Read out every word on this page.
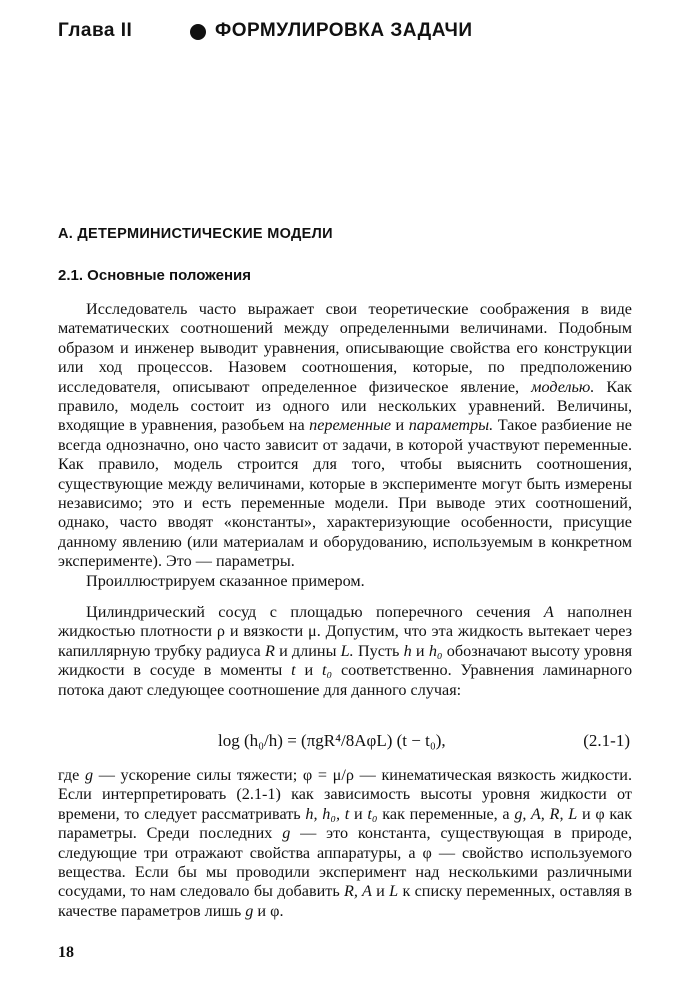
Глава II	ФОРМУЛИРОВКА ЗАДАЧИ
А. ДЕТЕРМИНИСТИЧЕСКИЕ МОДЕЛИ
2.1. Основные положения

Исследователь часто выражает свои теоретические соображения в виде математических соотношений между определенными величинами. Подобным образом и инженер выводит уравнения, описывающие свойства его конструкции или ход процессов. Назовем соотношения, которые, по предположению исследователя, описывают определенное физическое явление, моделью. Как правило, модель состоит из одного или нескольких уравнений. Величины, входящие в уравнения, разобьем на переменные и параметры. Такое разбиение не всегда однозначно, оно часто зависит от задачи, в которой участвуют переменные. Как правило, модель строится для того, чтобы выяснить соотношения, существующие между величинами, которые в эксперименте могут быть измерены независимо; это и есть переменные модели. При выводе этих соотношений, однако, часто вводят «константы», характеризующие особенности, присущие данному явлению (или материалам и оборудованию, используемым в конкретном эксперименте). Это — параметры.

Проиллюстрируем сказанное примером.

Цилиндрический сосуд с площадью поперечного сечения A наполнен жидкостью плотности ρ и вязкости μ. Допустим, что эта жидкость вытекает через капиллярную трубку радиуса R и длины L. Пусть h и h₀ обозначают высоту уровня жидкости в сосуде в моменты t и t₀ соответственно. Уравнения ламинарного потока дают следующее соотношение для данного случая:

log (h₀/h) = (πgR⁴/8AφL) (t − t₀),	(2.1-1)

где g — ускорение силы тяжести; φ = μ/ρ — кинематическая вязкость жидкости. Если интерпретировать (2.1-1) как зависимость высоты уровня жидкости от времени, то следует рассматривать h, h₀, t и t₀ как переменные, а g, A, R, L и φ как параметры. Среди последних g — это константа, существующая в природе, следующие три отражают свойства аппаратуры, а φ — свойство используемого вещества. Если бы мы проводили эксперимент над несколькими различными сосудами, то нам следовало бы добавить R, A и L к списку переменных, оставляя в качестве параметров лишь g и φ.

18
